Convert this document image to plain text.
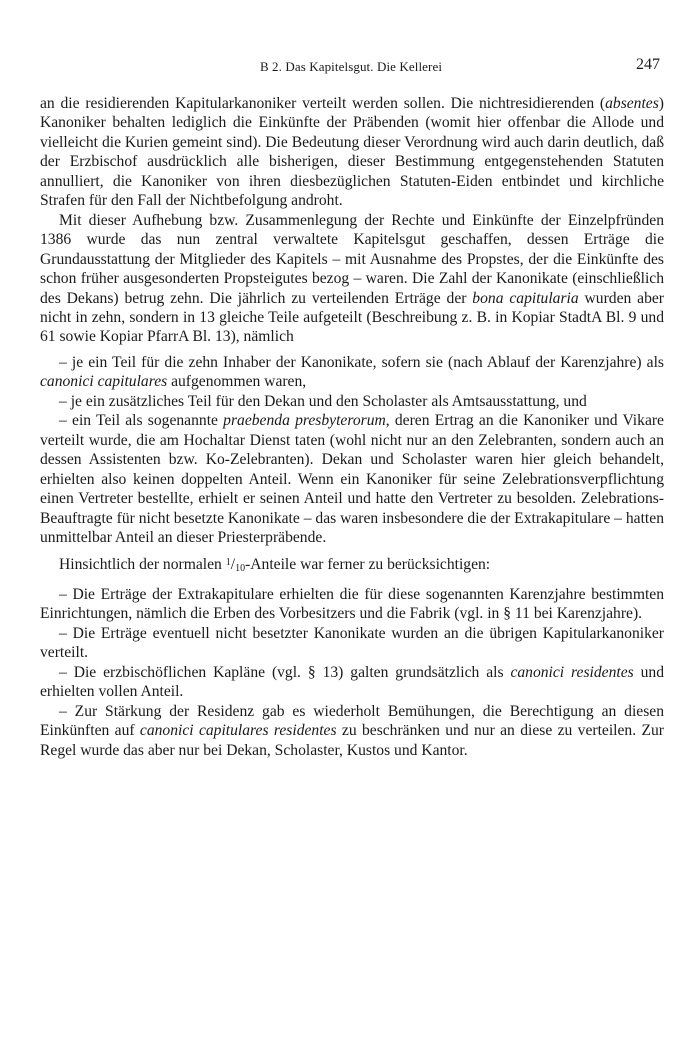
B 2. Das Kapitelsgut. Die Kellerei	247

an die residierenden Kapitularkanoniker verteilt werden sollen. Die nichtresidierenden (absentes) Kanoniker behalten lediglich die Einkünfte der Präbenden (womit hier offenbar die Allode und vielleicht die Kurien gemeint sind). Die Bedeutung dieser Verordnung wird auch darin deutlich, daß der Erzbischof ausdrücklich alle bisherigen, dieser Bestimmung entgegenstehenden Statuten annulliert, die Kanoniker von ihren diesbezüglichen Statuten-Eiden entbindet und kirchliche Strafen für den Fall der Nichtbefolgung androht.

Mit dieser Aufhebung bzw. Zusammenlegung der Rechte und Einkünfte der Einzelpfründen 1386 wurde das nun zentral verwaltete Kapitelsgut geschaffen, dessen Erträge die Grundausstattung der Mitglieder des Kapitels – mit Ausnahme des Propstes, der die Einkünfte des schon früher ausgesonderten Propsteigutes bezog – waren. Die Zahl der Kanonikate (einschließlich des Dekans) betrug zehn. Die jährlich zu verteilenden Erträge der bona capitularia wurden aber nicht in zehn, sondern in 13 gleiche Teile aufgeteilt (Beschreibung z. B. in Kopiar StadtA Bl. 9 und 61 sowie Kopiar PfarrA Bl. 13), nämlich

– je ein Teil für die zehn Inhaber der Kanonikate, sofern sie (nach Ablauf der Karenzjahre) als canonici capitulares aufgenommen waren,

– je ein zusätzliches Teil für den Dekan und den Scholaster als Amtsausstattung, und

– ein Teil als sogenannte praebenda presbyterorum, deren Ertrag an die Kanoniker und Vikare verteilt wurde, die am Hochaltar Dienst taten (wohl nicht nur an den Zelebranten, sondern auch an dessen Assistenten bzw. Ko-Zelebranten). Dekan und Scholaster waren hier gleich behandelt, erhielten also keinen doppelten Anteil. Wenn ein Kanoniker für seine Zelebrationsverpflichtung einen Vertreter bestellte, erhielt er seinen Anteil und hatte den Vertreter zu besolden. Zelebrations-Beauftragte für nicht besetzte Kanonikate – das waren insbesondere die der Extrakapitulare – hatten unmittelbar Anteil an dieser Priesterpräbende.

Hinsichtlich der normalen $^1/_{10}$-Anteile war ferner zu berücksichtigen:

– Die Erträge der Extrakapitulare erhielten die für diese sogenannten Karenzjahre bestimmten Einrichtungen, nämlich die Erben des Vorbesitzers und die Fabrik (vgl. in § 11 bei Karenzjahre).

– Die Erträge eventuell nicht besetzter Kanonikate wurden an die übrigen Kapitularkanoniker verteilt.

– Die erzbischöflichen Kapläne (vgl. § 13) galten grundsätzlich als canonici residentes und erhielten vollen Anteil.

– Zur Stärkung der Residenz gab es wiederholt Bemühungen, die Berechtigung an diesen Einkünften auf canonici capitulares residentes zu beschränken und nur an diese zu verteilen. Zur Regel wurde das aber nur bei Dekan, Scholaster, Kustos und Kantor.
